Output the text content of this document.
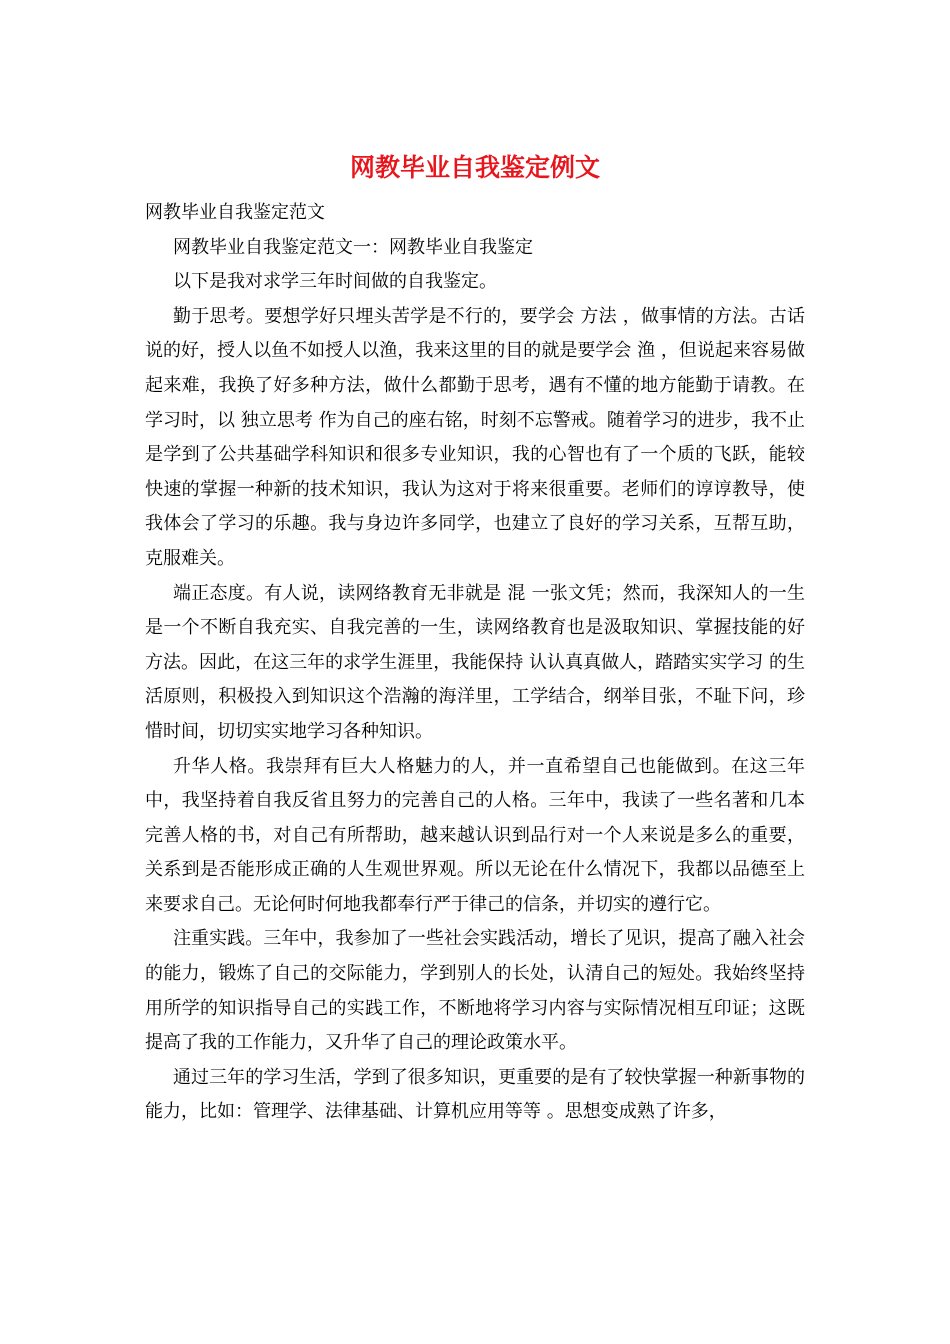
网教毕业自我鉴定例文

网教毕业自我鉴定范文

网教毕业自我鉴定范文一：网教毕业自我鉴定

以下是我对求学三年时间做的自我鉴定。

勤于思考。要想学好只埋头苦学是不行的，要学会 方法 ，做事情的方法。古话说的好，授人以鱼不如授人以渔，我来这里的目的就是要学会 渔 ，但说起来容易做起来难，我换了好多种方法，做什么都勤于思考，遇有不懂的地方能勤于请教。在学习时，以 独立思考 作为自己的座右铭，时刻不忘警戒。随着学习的进步，我不止是学到了公共基础学科知识和很多专业知识，我的心智也有了一个质的飞跃，能较快速的掌握一种新的技术知识，我认为这对于将来很重要。老师们的谆谆教导，使我体会了学习的乐趣。我与身边许多同学，也建立了良好的学习关系，互帮互助，克服难关。

端正态度。有人说，读网络教育无非就是 混 一张文凭；然而，我深知人的一生是一个不断自我充实、自我完善的一生，读网络教育也是汲取知识、掌握技能的好方法。因此，在这三年的求学生涯里，我能保持 认认真真做人，踏踏实实学习 的生活原则，积极投入到知识这个浩瀚的海洋里，工学结合，纲举目张，不耻下问，珍惜时间，切切实实地学习各种知识。

升华人格。我崇拜有巨大人格魅力的人，并一直希望自己也能做到。在这三年中，我坚持着自我反省且努力的完善自己的人格。三年中，我读了一些名著和几本完善人格的书，对自己有所帮助，越来越认识到品行对一个人来说是多么的重要，关系到是否能形成正确的人生观世界观。所以无论在什么情况下，我都以品德至上来要求自己。无论何时何地我都奉行严于律己的信条，并切实的遵行它。

注重实践。三年中，我参加了一些社会实践活动，增长了见识，提高了融入社会的能力，锻炼了自己的交际能力，学到别人的长处，认清自己的短处。我始终坚持用所学的知识指导自己的实践工作，不断地将学习内容与实际情况相互印证；这既提高了我的工作能力，又升华了自己的理论政策水平。

通过三年的学习生活，学到了很多知识，更重要的是有了较快掌握一种新事物的能力，比如：管理学、法律基础、计算机应用等等 。思想变成熟了许多，
